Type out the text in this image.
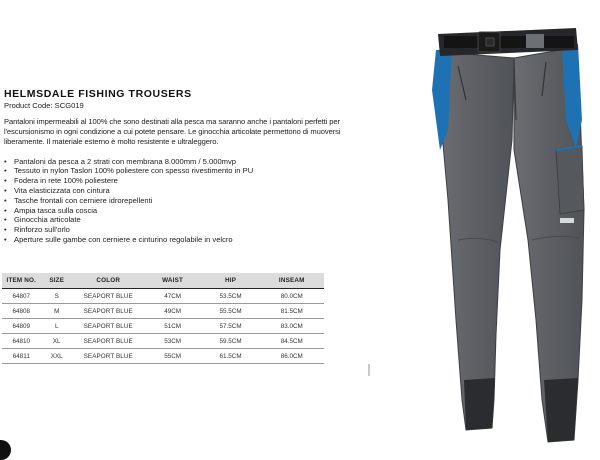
HELMSDALE FISHING TROUSERS
Product Code: SCG019

Pantaloni impermeabili al 100% che sono destinati alla pesca ma saranno anche i pantaloni perfetti per l'escursionismo in ogni condizione a cui potete pensare. Le ginocchia articolate permettono di muoversi liberamente. Il materiale esterno è molto resistente e ultraleggero.

• Pantaloni da pesca a 2 strati con membrana 8.000mm / 5.000mvp
• Tessuto in nylon Taslon 100% poliestere con spesso rivestimento in PU
• Fodera in rete 100% poliestere
• Vita elasticizzata con cintura
• Tasche frontali con cerniere idrorepellenti
• Ampia tasca sulla coscia
• Ginocchia articolate
• Rinforzo sull'orlo
• Aperture sulle gambe con cerniere e cinturino regolabile in velcro
ITEM NO.	SIZE	COLOR	WAIST	HIP	INSEAM
64807	S	SEAPORT BLUE	47CM	53.5CM	80.0CM
64808	M	SEAPORT BLUE	49CM	55.5CM	81.5CM
64809	L	SEAPORT BLUE	51CM	57.5CM	83.0CM
64810	XL	SEAPORT BLUE	53CM	59.5CM	84.5CM
64811	XXL	SEAPORT BLUE	55CM	61.5CM	86.0CM
